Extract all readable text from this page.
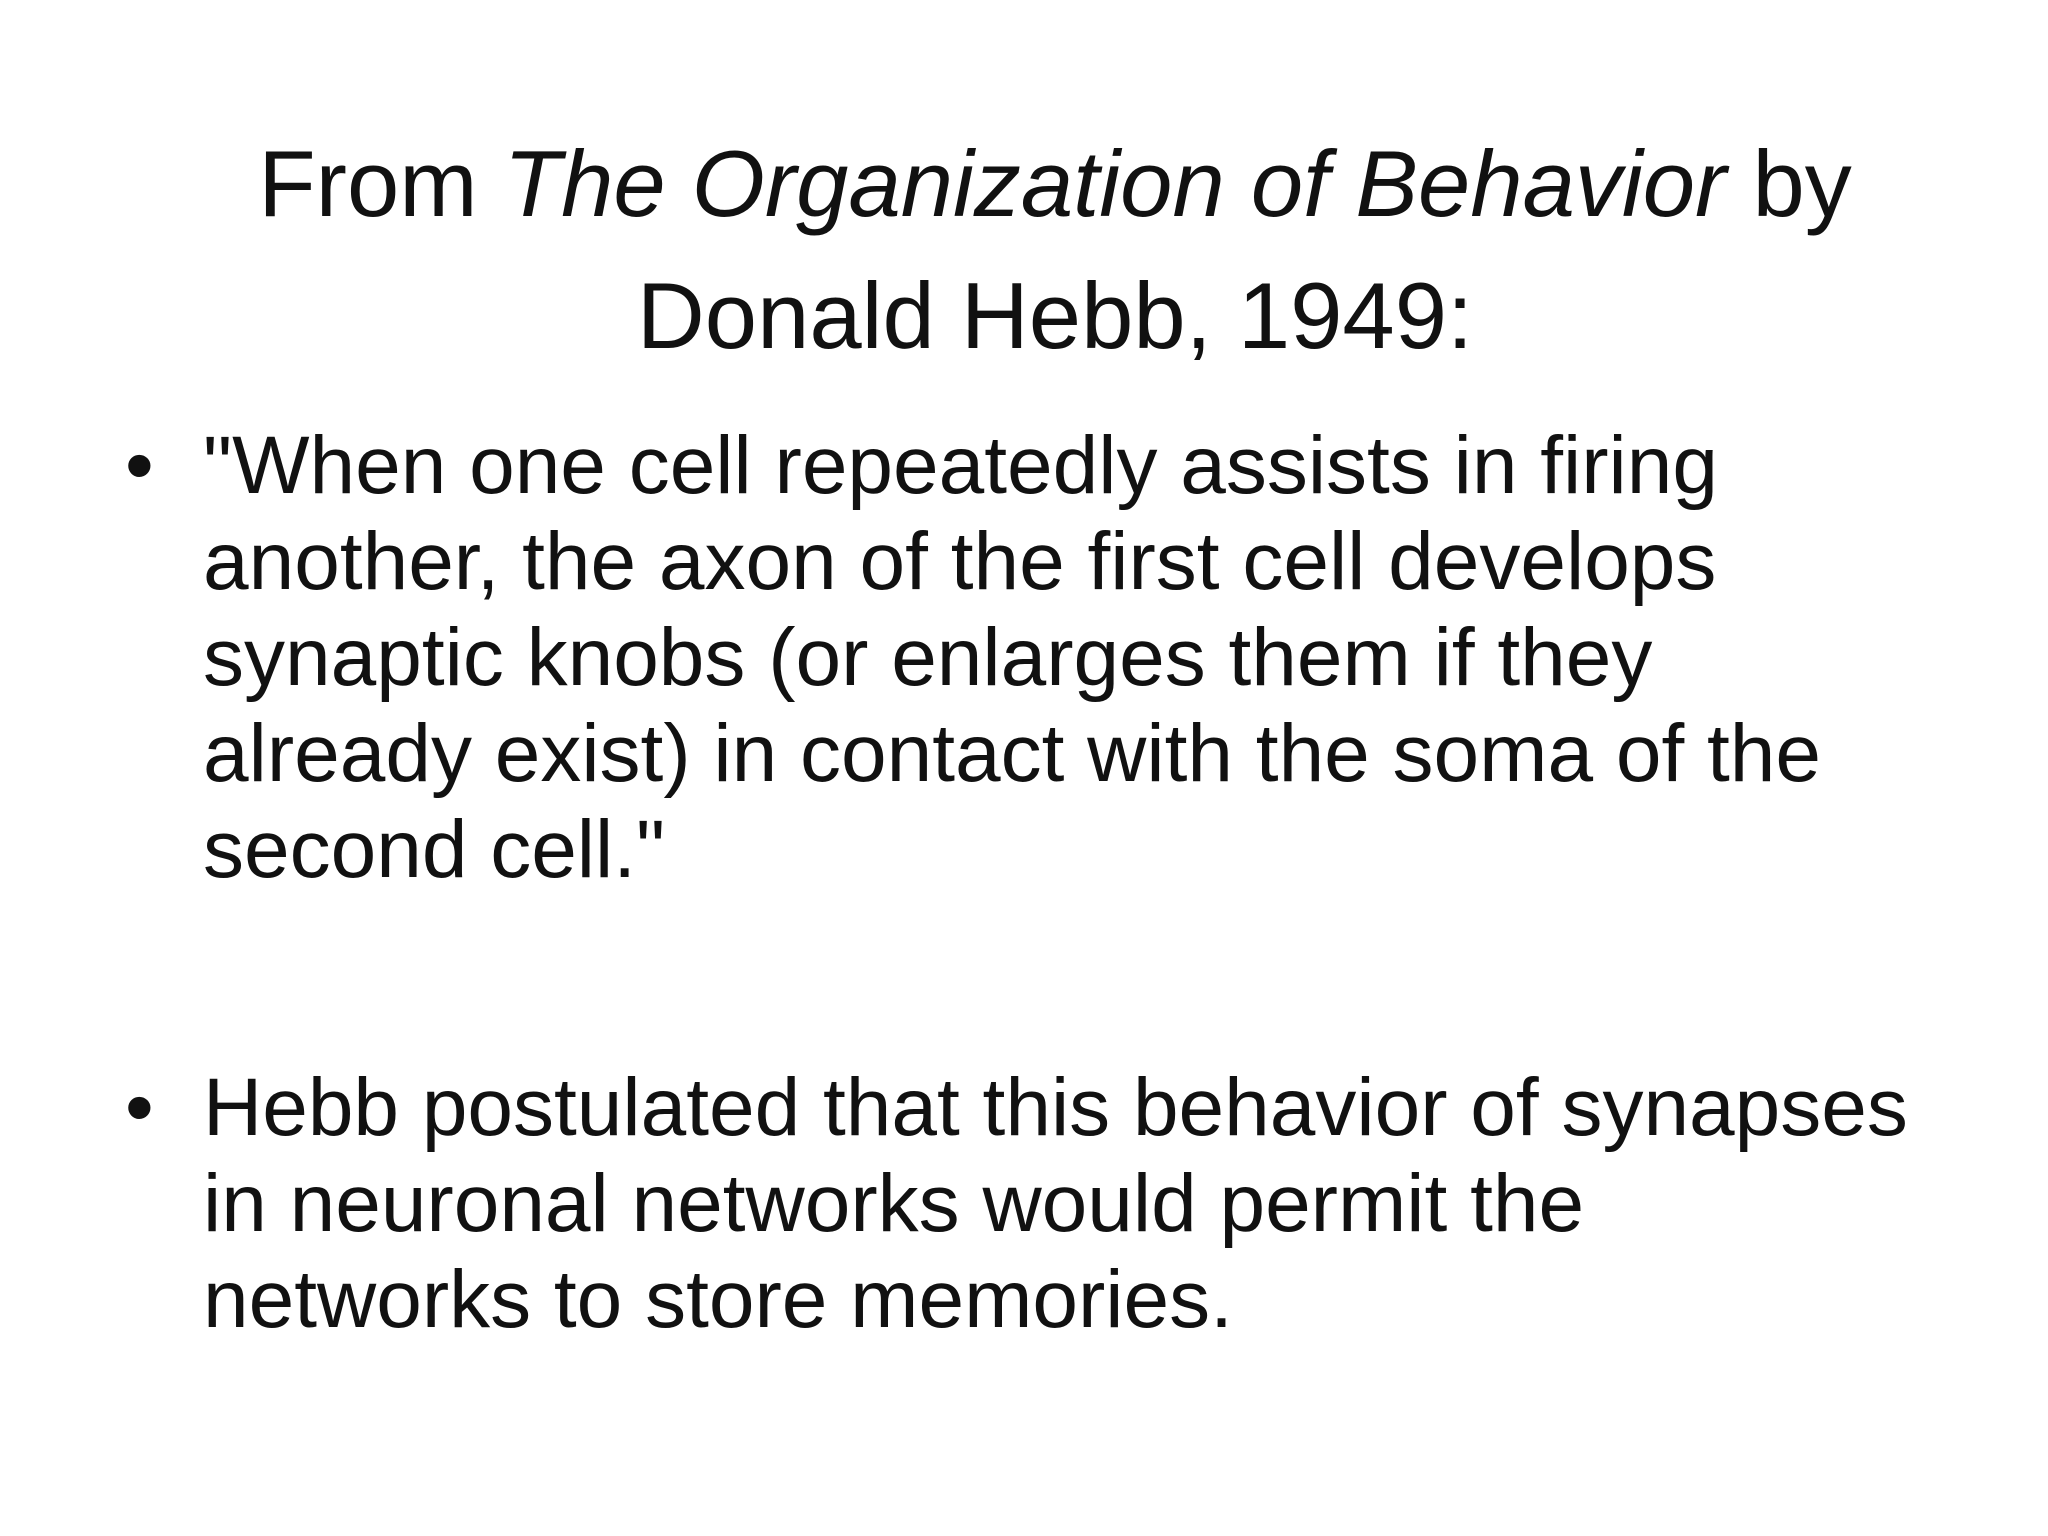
From The Organization of Behavior by
Donald Hebb, 1949:
• "When one cell repeatedly assists in firing another, the axon of the first cell develops synaptic knobs (or enlarges them if they already exist) in contact with the soma of the second cell."

• Hebb postulated that this behavior of synapses in neuronal networks would permit the networks to store memories.
